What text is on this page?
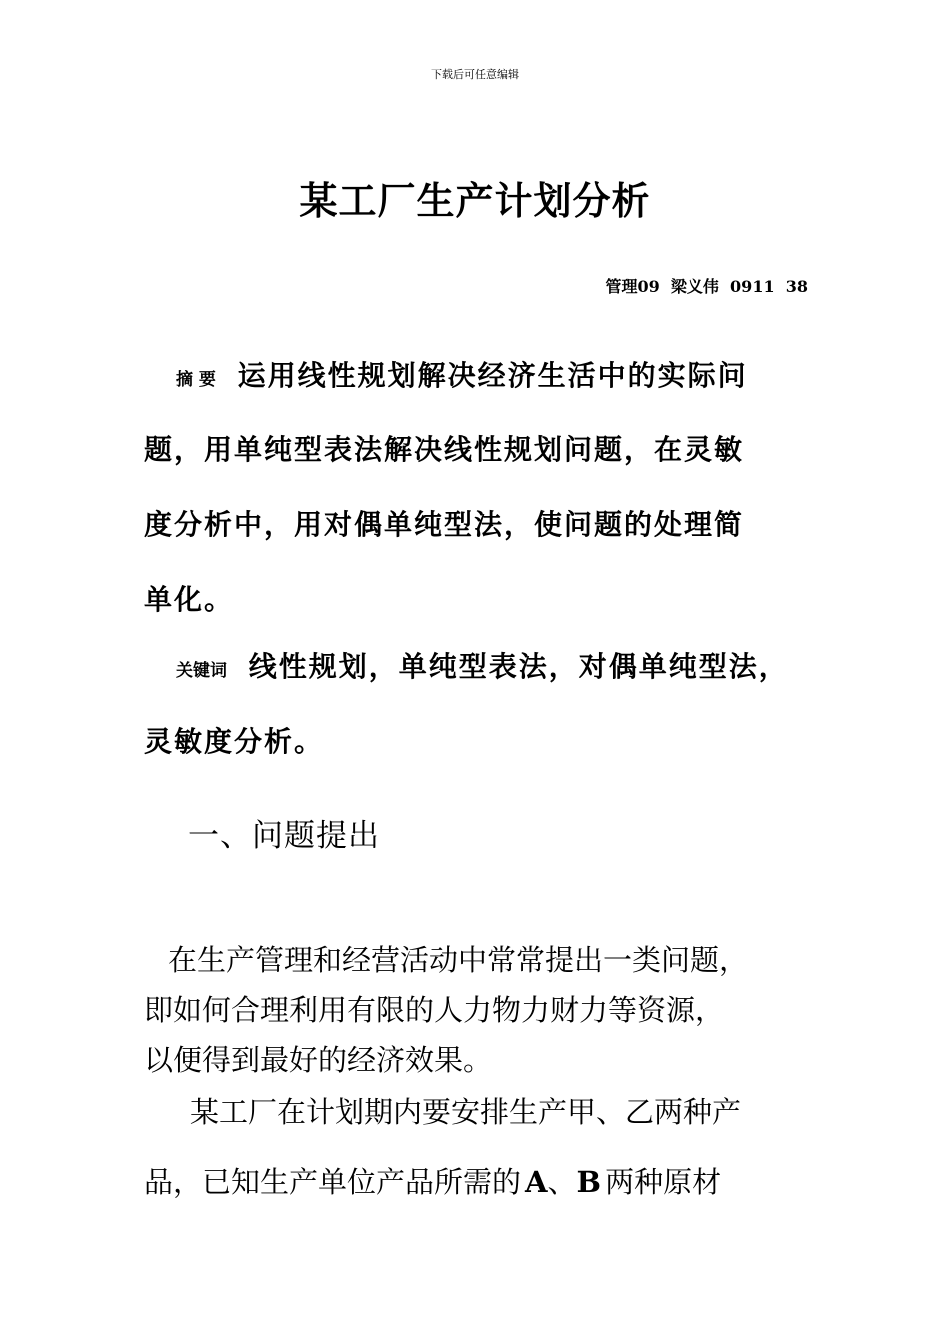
下载后可任意编辑
某工厂生产计划分析
管理09  梁义伟  0911  38
摘 要 运用线性规划解决经济生活中的实际问
题，用单纯型表法解决线性规划问题，在灵敏
度分析中，用对偶单纯型法，使问题的处理简
单化。
关键词 线性规划，单纯型表法，对偶单纯型法，
灵敏度分析。
一、问题提出
在生产管理和经营活动中常常提出一类问题，
即如何合理利用有限的人力物力财力等资源，
以便得到最好的经济效果。
某工厂在计划期内要安排生产甲、乙两种产
品，已知生产单位产品所需的 A、B 两种原材
